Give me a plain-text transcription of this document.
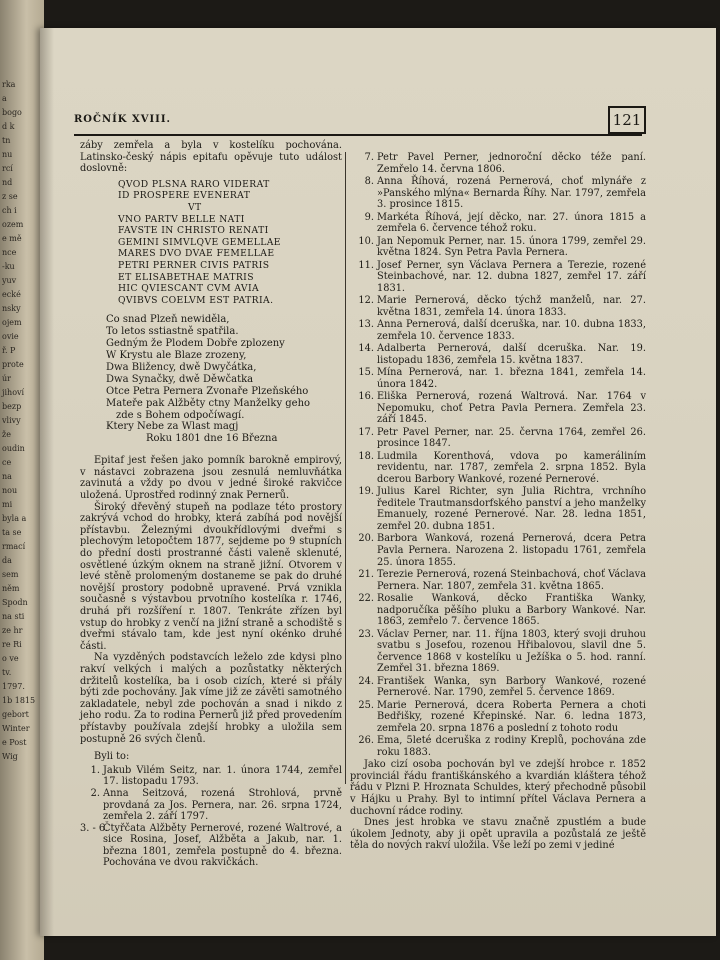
rka
a
bogo
d k
tn
nu
rcí
nd
z se
ch i
ozem
e mě
nce
-ku
yuv
ecké
nsky
ojem
ovie
ř. P
prote
úr
jihoví
bezp
vlivy
že
oudin
ce
na
nou
mi
byla a
ta se
rmací
da
sem
něm
Spodn
na sti
ze hr
re Ri
o ve
tv.
1797.
1b 1815
gebort
Winter
e Post
Wig
ROČNÍK XVIII.	121

záby zemřela a byla v kostelíku pochována. Latinsko-český nápis epitafu opěvuje tuto událost doslovně:

QVOD PLSNA RARO VIDERAT
ID PROSPERE EVENERAT
VT
VNO PARTV BELLE NATI
FAVSTE IN CHRISTO RENATI
GEMINI SIMVLQVE GEMELLAE
MARES DVO DVAE FEMELLAE
PETRI PERNER CIVIS PATRIS
ET ELISABETHAE MATRIS
HIC QVIESCANT CVM AVIA
QVIBVS COELVM EST PATRIA.
Co snad Plzeň newiděla,
To letos sstiastně spatřila.
Gedným že Plodem Dobře zplozeny
W Krystu ale Blaze zrozeny,
Dwa Bližency, dwě Dwyčátka,
Dwa Synačky, dwě Děwčatka
Otce Petra Pernera Zvonaře Plzeňského
Mateře pak Alžběty ctny Manželky geho
zde s Bohem odpočíwagí.
Ktery Nebe za Wlast magj
Roku 1801 dne 16 Březnа

Epitaf jest řešen jako pomník barokně empirový, v nástavci zobrazena jsou zesnulá nemluvňátka zavinutá a vždy po dvou v jedné široké rakvičce uložená. Uprostřed rodinný znak Pernerů.

Široký dřevěný stupeň na podlaze této prostory zakrývá vchod do hrobky, která zabíhá pod novější přístavbu. Železnými dvoukřídlovými dveřmi s plechovým letopočtem 1877, sejdeme po 9 stupních do přední dosti prostranné části valeně sklenuté, osvětlené úzkým oknem na straně jižní. Otvorem v levé stěně prolomeným dostaneme se pak do druhé novější prostory podobně upravené. Prvá vznikla současně s výstavbou prvotního kostelíka r. 1746, druhá při rozšíření r. 1807. Tenkráte zřízen byl vstup do hrobky z venčí na jižní straně a schodiště s dveřmi stávalo tam, kde jest nyní okénko druhé části.

Na vyzděných podstavcích leželo zde kdysi plno rakví velkých i malých a pozůstatky některých držitelů kostelíka, ba i osob cizích, které si přály býti zde pochovány. Jak víme již ze závěti samotného zakladatele, nebyl zde pochován a snad i nikdo z jeho rodu. Za to rodina Pernerů již před provedením přístavby používala zdejší hrobky a uložila sem postupně 26 svých členů.

Byli to:
1. Jakub Vilém Seitz, nar. 1. února 1744, zemřel 17. listopadu 1793.
2. Anna Seitzová, rozená Strohlová, prvně provdaná za Jos. Pernera, nar. 26. srpna 1724, zemřela 2. září 1797.
3. - 6.
Čtyřčata Alžběty Pernerové, rozené Waltrové, a sice Rosina, Josef, Alžběta a Jakub, nar. 1. března 1801, zemřela postupně do 4. března. Pochována ve dvou rakvičkách.
7. Petr Pavel Perner, jednoroční děcko téže paní. Zemřelo 14. června 1806.
8. Anna Říhová, rozená Pernerová, choť mlynáře z »Panského mlýna« Bernarda Říhy. Nar. 1797, zemřela 3. prosince 1815.
9. Markéta Říhová, její děcko, nar. 27. února 1815 a zemřela 6. července téhož roku.
10. Jan Nepomuk Perner, nar. 15. února 1799, zemřel 29. května 1824. Syn Petra Pavla Pernera.
11. Josef Perner, syn Václava Pernera a Terezie, rozené Steinbachové, nar. 12. dubna 1827, zemřel 17. září 1831.
12. Marie Pernerová, děcko týchž manželů, nar. 27. května 1831, zemřela 14. února 1833.
13. Anna Pernerová, další dceruška, nar. 10. dubna 1833, zemřela 10. července 1833.
14. Adalberta Pernerová, další dceruška. Nar. 19. listopadu 1836, zemřela 15. května 1837.
15. Mína Pernerová, nar. 1. března 1841, zemřela 14. února 1842.
16. Eliška Pernerová, rozená Waltrová. Nar. 1764 v Nepomuku, choť Petra Pavla Pernera. Zemřela 23. září 1845.
17. Petr Pavel Perner, nar. 25. června 1764, zemřel 26. prosince 1847.
18. Ludmila Korenthová, vdova po kameráliním revidentu, nar. 1787, zemřela 2. srpna 1852. Byla dcerou Barbory Wankové, rozené Pernerové.
19. Julius Karel Richter, syn Julia Richtra, vrchního ředitele Trautmansdorfského panství a jeho manželky Emanuely, rozené Pernerové. Nar. 28. ledna 1851, zemřel 20. dubna 1851.
20. Barbora Wanková, rozená Pernerová, dcera Petra Pavla Pernera. Narozena 2. listopadu 1761, zemřela 25. února 1855.
21. Terezie Pernerová, rozená Steinbachová, choť Václava Pernera. Nar. 1807, zemřela 31. května 1865.
22. Rosalie Wanková, děcko Františka Wanky, nadporučíka pěšího pluku a Barbory Wankové. Nar. 1863, zemřelo 7. července 1865.
23. Václav Perner, nar. 11. října 1803, který svoji druhou svatbu s Josefou, rozenou Hřibalovou, slavil dne 5. července 1868 v kostelíku u Ježíška o 5. hod. ranní. Zemřel 31. března 1869.
24. František Wanka, syn Barbory Wankové, rozené Pernerové. Nar. 1790, zemřel 5. července 1869.
25. Marie Pernerová, dcera Roberta Pernera a choti Bedřišky, rozené Křepinské. Nar. 6. ledna 1873, zemřela 20. srpna 1876 a poslední z tohoto rodu
26. Ema, 5leté dceruška z rodiny Kreplů, pochována zde roku 1883.

Jako cizí osoba pochován byl ve zdejší hrobce r. 1852 provinciál řádu františkánského a kvardián kláštera téhož řádu v Plzni P. Hroznata Schuldes, který přechodně působil v Hájku u Prahy. Byl to intimní přítel Václava Pernera a duchovní rádce rodiny.

Dnes jest hrobka ve stavu značně zpustlém a bude úkolem Jednoty, aby ji opět upravila a pozůstalá ze ještě těla do nových rakví uložila. Vše leží po zemi v jediné
